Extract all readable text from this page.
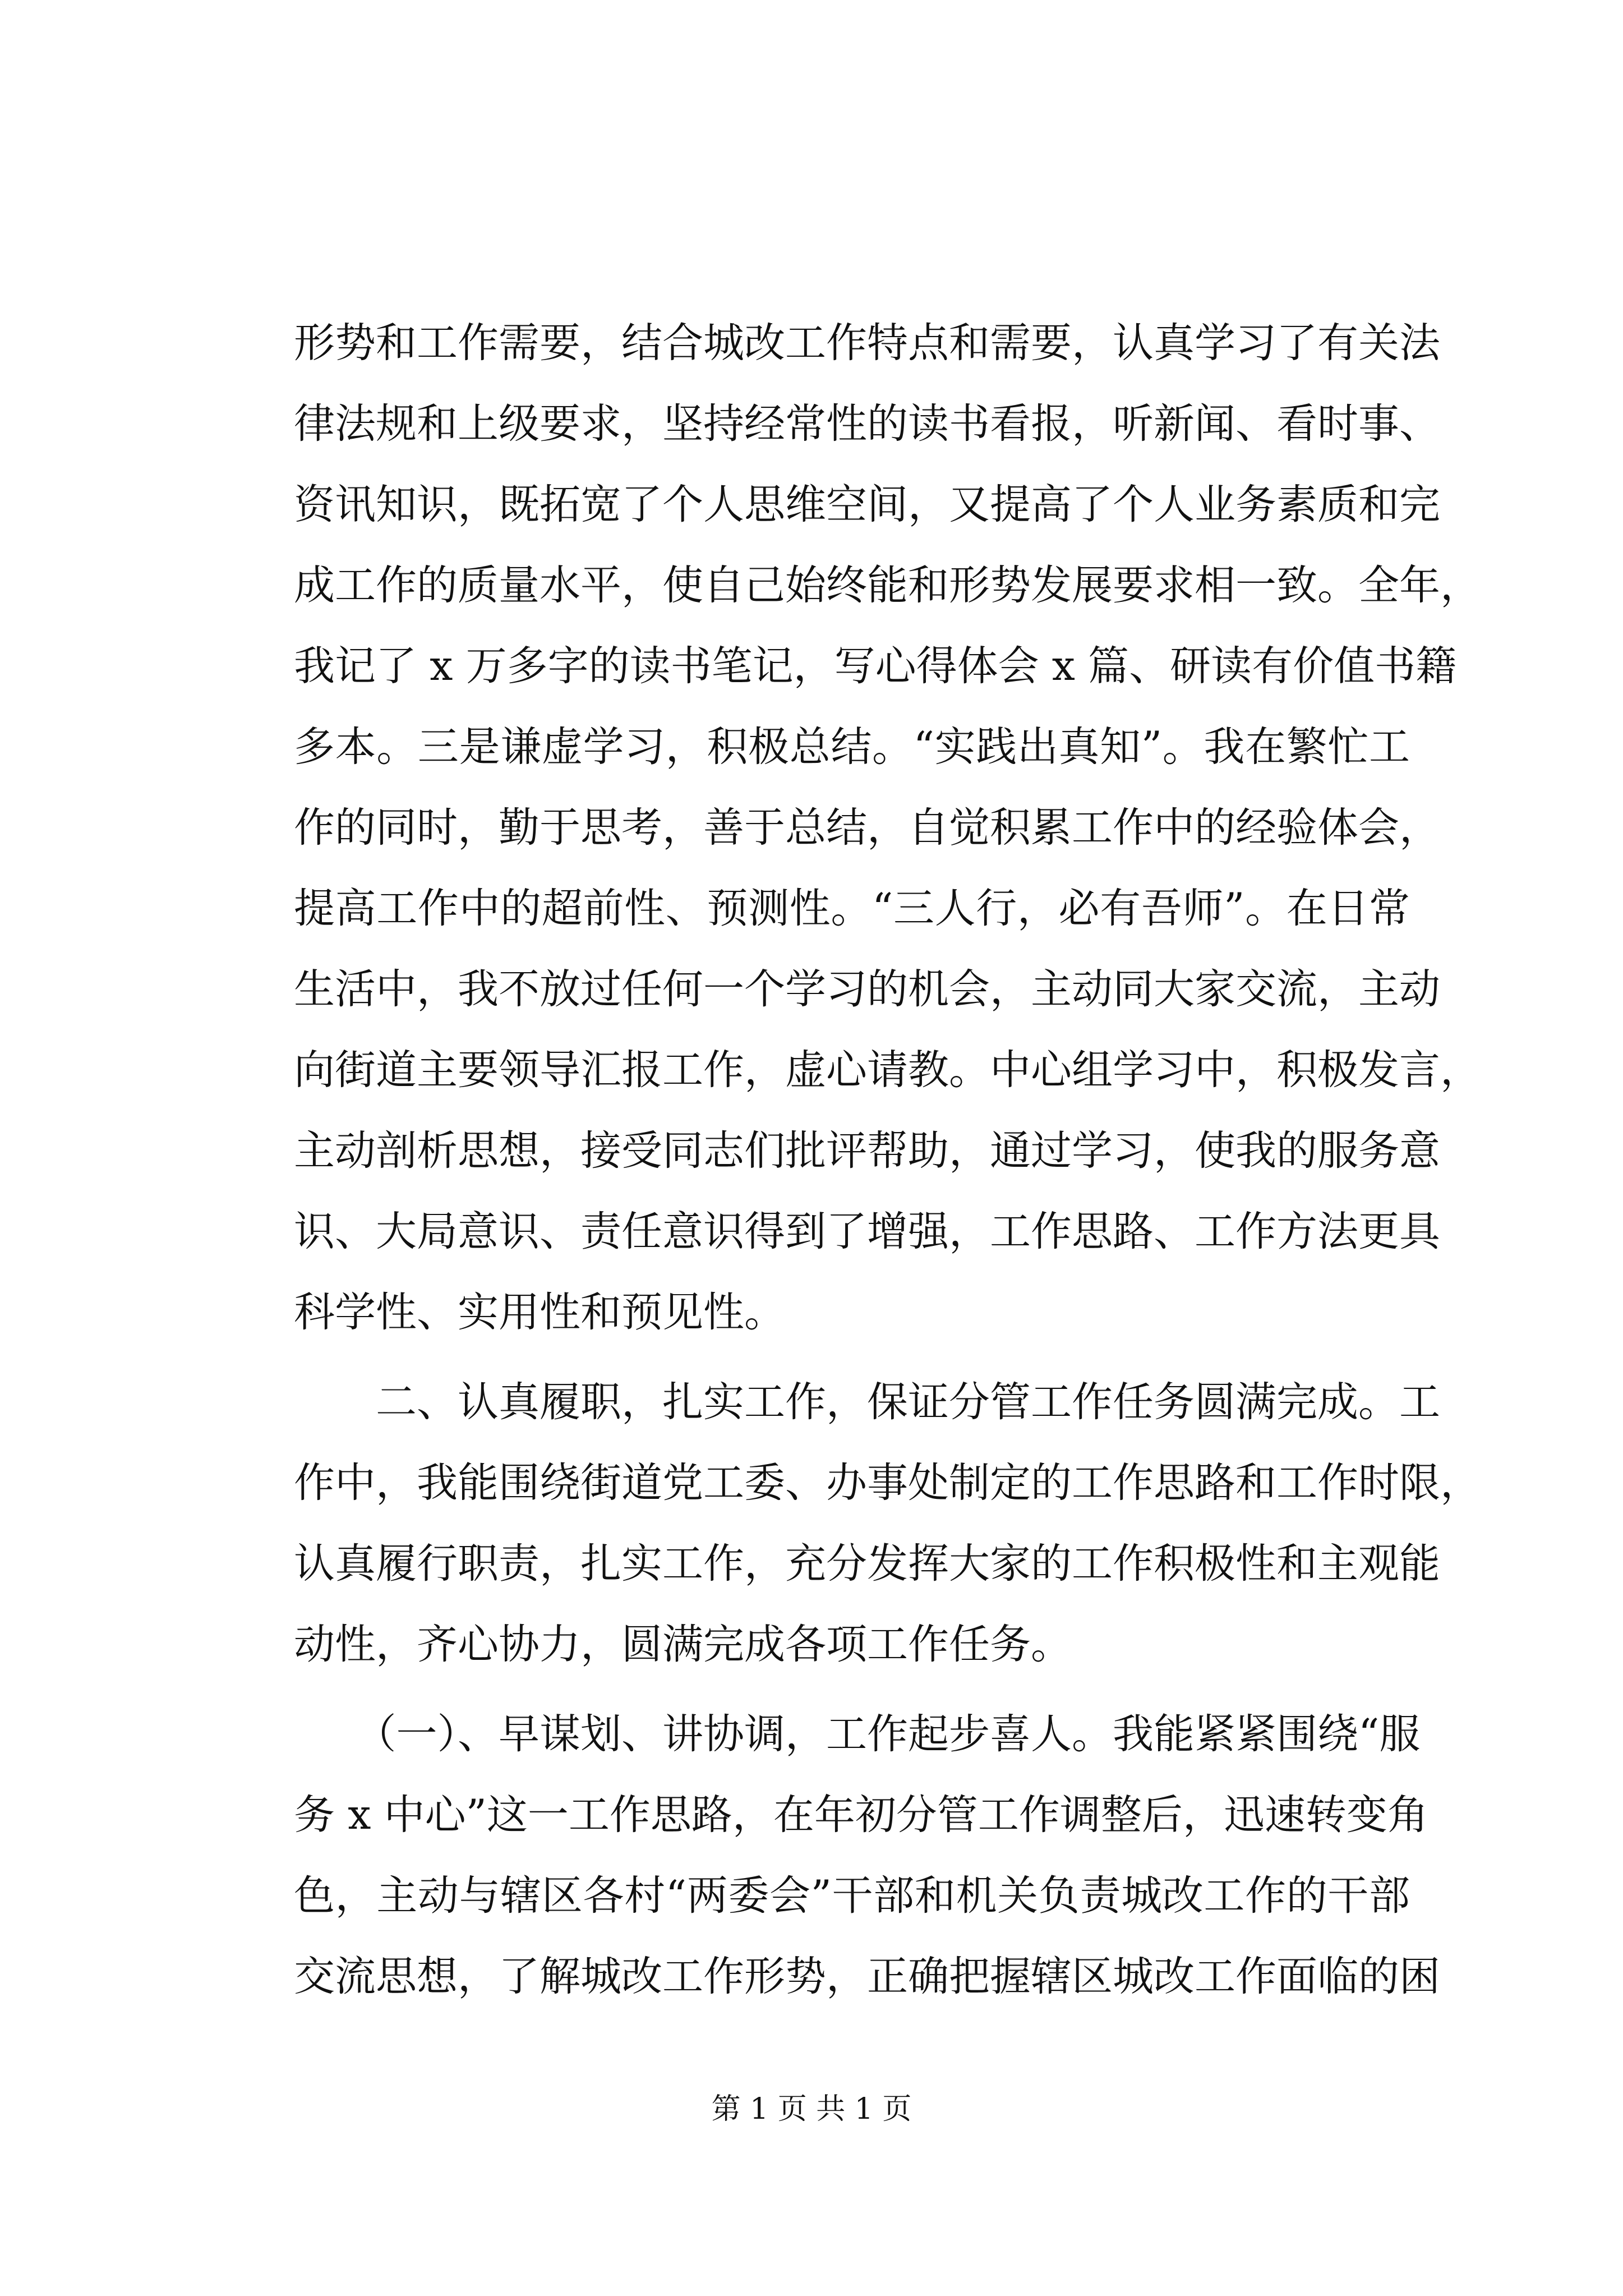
形势和工作需要，结合城改工作特点和需要，认真学习了有关法
律法规和上级要求，坚持经常性的读书看报，听新闻、看时事、
资讯知识，既拓宽了个人思维空间，又提高了个人业务素质和完
成工作的质量水平，使自己始终能和形势发展要求相一致。全年，
我记了 x 万多字的读书笔记，写心得体会 x 篇、研读有价值书籍
多本。三是谦虚学习，积极总结。“实践出真知”。我在繁忙工
作的同时，勤于思考，善于总结，自觉积累工作中的经验体会，
提高工作中的超前性、预测性。“三人行，必有吾师”。在日常
生活中，我不放过任何一个学习的机会，主动同大家交流，主动
向街道主要领导汇报工作，虚心请教。中心组学习中，积极发言，
主动剖析思想，接受同志们批评帮助，通过学习，使我的服务意
识、大局意识、责任意识得到了增强，工作思路、工作方法更具
科学性、实用性和预见性。
　　二、认真履职，扎实工作，保证分管工作任务圆满完成。工
作中，我能围绕街道党工委、办事处制定的工作思路和工作时限，
认真履行职责，扎实工作，充分发挥大家的工作积极性和主观能
动性，齐心协力，圆满完成各项工作任务。
　　（一）、早谋划、讲协调，工作起步喜人。我能紧紧围绕“服
务 x 中心”这一工作思路，在年初分管工作调整后，迅速转变角
色，主动与辖区各村“两委会”干部和机关负责城改工作的干部
交流思想，了解城改工作形势，正确把握辖区城改工作面临的困
第 1 页 共 1 页
